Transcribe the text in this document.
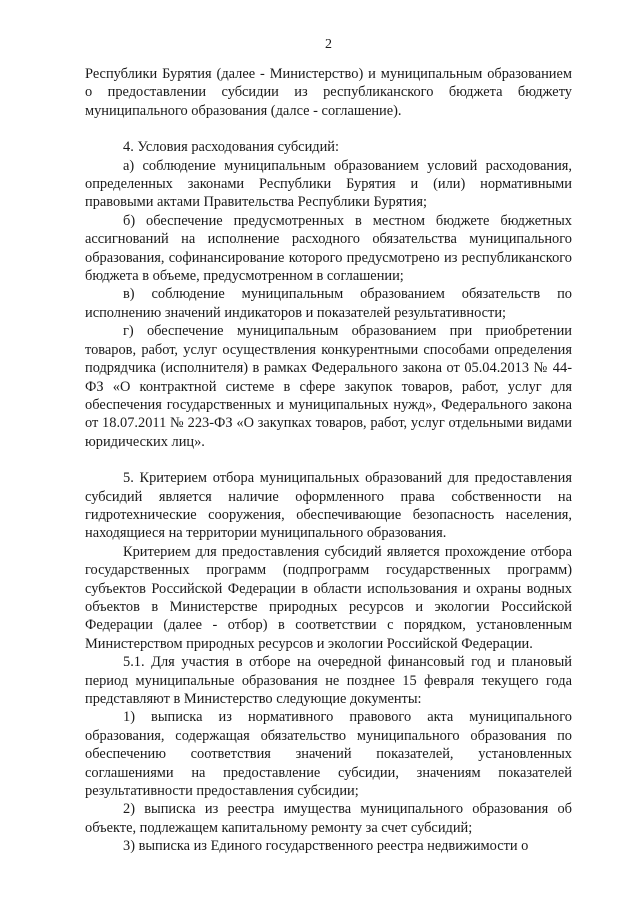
2

Республики Бурятия (далее - Министерство) и муниципальным образованием о предоставлении субсидии из республиканского бюджета бюджету муниципального образования (далсе - соглашение).

4. Условия расходования субсидий:

а) соблюдение муниципальным образованием условий расходования, определенных законами Республики Бурятия и (или) нормативными правовыми актами Правительства Республики Бурятия;

б) обеспечение предусмотренных в местном бюджете бюджетных ассигнований на исполнение расходного обязательства муниципального образования, софинансирование которого предусмотрено из республиканского бюджета в объеме, предусмотренном в соглашении;

в) соблюдение муниципальным образованием обязательств по исполнению значений индикаторов и показателей результативности;

г) обеспечение муниципальным образованием при приобретении товаров, работ, услуг осуществления конкурентными способами определения подрядчика (исполнителя) в рамках Федерального закона от 05.04.2013 № 44-ФЗ «О контрактной системе в сфере закупок товаров, работ, услуг для обеспечения государственных и муниципальных нужд», Федерального закона от 18.07.2011 № 223-ФЗ «О закупках товаров, работ, услуг отдельными видами юридических лиц».

5. Критерием отбора муниципальных образований для предоставления субсидий является наличие оформленного права собственности на гидротехнические сооружения, обеспечивающие безопасность населения, находящиеся на территории муниципального образования.

Критерием для предоставления субсидий является прохождение отбора государственных программ (подпрограмм государственных программ) субъектов Российской Федерации в области использования и охраны водных объектов в Министерстве природных ресурсов и экологии Российской Федерации (далее - отбор) в соответствии с порядком, установленным Министерством природных ресурсов и экологии Российской Федерации.

5.1. Для участия в отборе на очередной финансовый год и плановый период муниципальные образования не позднее 15 февраля текущего года представляют в Министерство следующие документы:

1) выписка из нормативного правового акта муниципального образования, содержащая обязательство муниципального образования по обеспечению соответствия значений показателей, установленных соглашениями на предоставление субсидии, значениям показателей результативности предоставления субсидии;

2) выписка из реестра имущества муниципального образования об объекте, подлежащем капитальному ремонту за счет субсидий;

3) выписка из Единого государственного реестра недвижимости о
